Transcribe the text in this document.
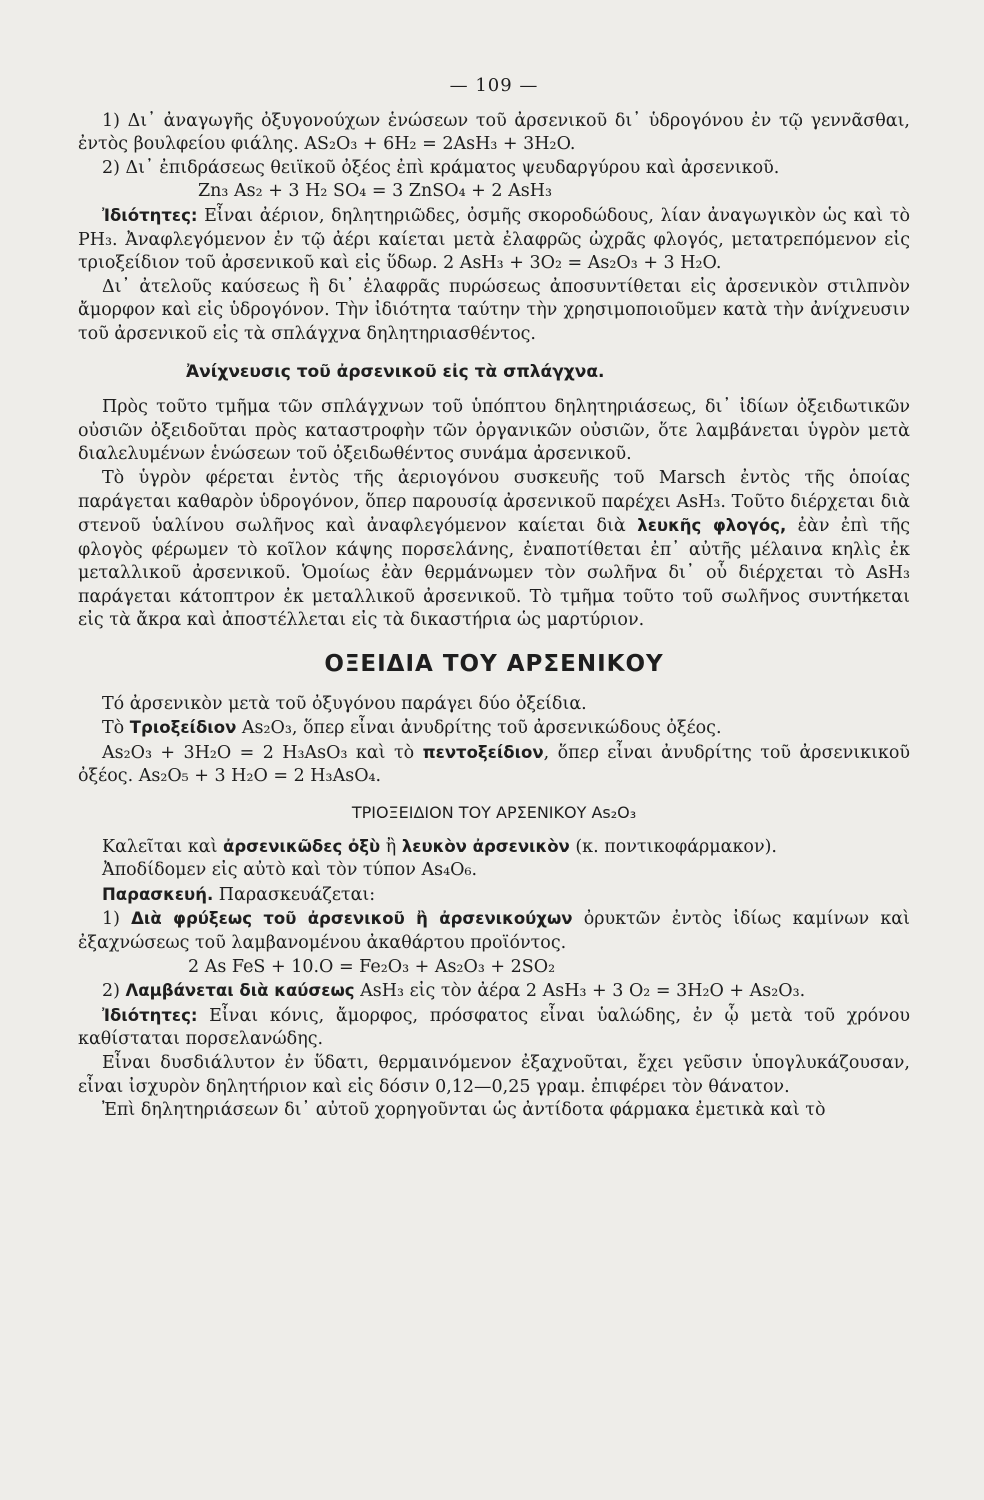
— 109 —

1) Δι᾽ ἀναγωγῆς ὀξυγονούχων ἑνώσεων τοῦ ἀρσενικοῦ δι᾽ ὑδρογόνου ἐν τῷ γεννᾶσθαι, ἐντὸς βουλφείου φιάλης. AS₂O₃ + 6H₂ = 2AsH₃ + 3H₂O.

2) Δι᾽ ἐπιδράσεως θειϊκοῦ ὀξέος ἐπὶ κράματος ψευδαργύρου καὶ ἀρσενικοῦ.

Zn₃ As₂ + 3 H₂ SO₄ = 3 ZnSO₄ + 2 AsH₃

Ἰδιότητες: Εἶναι ἀέριον, δηλητηριῶδες, ὀσμῆς σκοροδώδους, λίαν ἀναγωγικὸν ὡς καὶ τὸ PH₃. Ἀναφλεγόμενον ἐν τῷ ἀέρι καίεται μετὰ ἐλαφρῶς ὠχρᾶς φλογός, μετατρεπόμενον εἰς τριοξείδιον τοῦ ἀρσενικοῦ καὶ εἰς ὕδωρ. 2 AsH₃ + 3O₂ = As₂O₃ + 3 H₂O.

Δι᾽ ἀτελοῦς καύσεως ἢ δι᾽ ἐλαφρᾶς πυρώσεως ἀποσυντίθεται εἰς ἀρσενικὸν στιλπνὸν ἄμορφον καὶ εἰς ὑδρογόνον. Τὴν ἰδιότητα ταύτην τὴν χρησιμοποιοῦμεν κατὰ τὴν ἀνίχνευσιν τοῦ ἀρσενικοῦ εἰς τὰ σπλάγχνα δηλητηριασθέντος.

Ἀνίχνευσις τοῦ ἀρσενικοῦ εἰς τὰ σπλάγχνα.

Πρὸς τοῦτο τμῆμα τῶν σπλάγχνων τοῦ ὑπόπτου δηλητηριάσεως, δι᾽ ἰδίων ὀξειδωτικῶν οὐσιῶν ὀξειδοῦται πρὸς καταστροφὴν τῶν ὀργανικῶν οὐσιῶν, ὅτε λαμβάνεται ὑγρὸν μετὰ διαλελυμένων ἑνώσεων τοῦ ὀξειδωθέντος συνάμα ἀρσενικοῦ.

Τὸ ὑγρὸν φέρεται ἐντὸς τῆς ἀεριογόνου συσκευῆς τοῦ Marsch ἐντὸς τῆς ὁποίας παράγεται καθαρὸν ὑδρογόνον, ὅπερ παρουσίᾳ ἀρσενικοῦ παρέχει AsH₃. Τοῦτο διέρχεται διὰ στενοῦ ὑαλίνου σωλῆνος καὶ ἀναφλεγόμενον καίεται διὰ λευκῆς φλογός, ἐὰν ἐπὶ τῆς φλογὸς φέρωμεν τὸ κοῖλον κάψης πορσελάνης, ἐναποτίθεται ἐπ᾽ αὐτῆς μέλαινα κηλὶς ἐκ μεταλλικοῦ ἀρσενικοῦ. Ὁμοίως ἐὰν θερμάνωμεν τὸν σωλῆνα δι᾽ οὗ διέρχεται τὸ AsH₃ παράγεται κάτοπτρον ἐκ μεταλλικοῦ ἀρσενικοῦ. Τὸ τμῆμα τοῦτο τοῦ σωλῆνος συντήκεται εἰς τὰ ἄκρα καὶ ἀποστέλλεται εἰς τὰ δικαστήρια ὡς μαρτύριον.

ΟΞΕΙΔΙΑ ΤΟΥ ΑΡΣΕΝΙΚΟΥ

Τό ἀρσενικὸν μετὰ τοῦ ὀξυγόνου παράγει δύο ὀξείδια.

Τὸ Τριοξείδιον As₂O₃, ὅπερ εἶναι ἀνυδρίτης τοῦ ἀρσενικώδους ὀξέος.

As₂O₃ + 3H₂O = 2 H₃AsO₃ καὶ τὸ πεντοξείδιον, ὅπερ εἶναι ἀνυδρίτης τοῦ ἀρσενικικοῦ ὀξέος. As₂O₅ + 3 H₂O = 2 H₃AsO₄.

ΤΡΙΟΞΕΙΔΙΟΝ ΤΟΥ ΑΡΣΕΝΙΚΟΥ As₂O₃

Καλεῖται καὶ ἀρσενικῶδες ὀξὺ ἢ λευκὸν ἀρσενικὸν (κ. ποντικοφάρμακον).

Ἀποδίδομεν εἰς αὐτὸ καὶ τὸν τύπον As₄O₆.

Παρασκευή. Παρασκευάζεται:

1) Διὰ φρύξεως τοῦ ἀρσενικοῦ ἢ ἀρσενικούχων ὀρυκτῶν ἐντὸς ἰδίως καμίνων καὶ ἐξαχνώσεως τοῦ λαμβανομένου ἀκαθάρτου προϊόντος.

2 As FeS + 10.O = Fe₂O₃ + As₂O₃ + 2SO₂

2) Λαμβάνεται διὰ καύσεως AsH₃ εἰς τὸν ἀέρα 2 AsH₃ + 3 O₂ = 3H₂O + As₂O₃.

Ἰδιότητες: Εἶναι κόνις, ἄμορφος, πρόσφατος εἶναι ὑαλώδης, ἐν ᾧ μετὰ τοῦ χρόνου καθίσταται πορσελανώδης.

Εἶναι δυσδιάλυτον ἐν ὕδατι, θερμαινόμενον ἐξαχνοῦται, ἔχει γεῦσιν ὑπογλυκάζουσαν, εἶναι ἰσχυρὸν δηλητήριον καὶ εἰς δόσιν 0,12—0,25 γραμ. ἐπιφέρει τὸν θάνατον.

Ἐπὶ δηλητηριάσεων δι᾽ αὐτοῦ χορηγοῦνται ὡς ἀντίδοτα φάρμακα ἐμετικὰ καὶ τὸ
